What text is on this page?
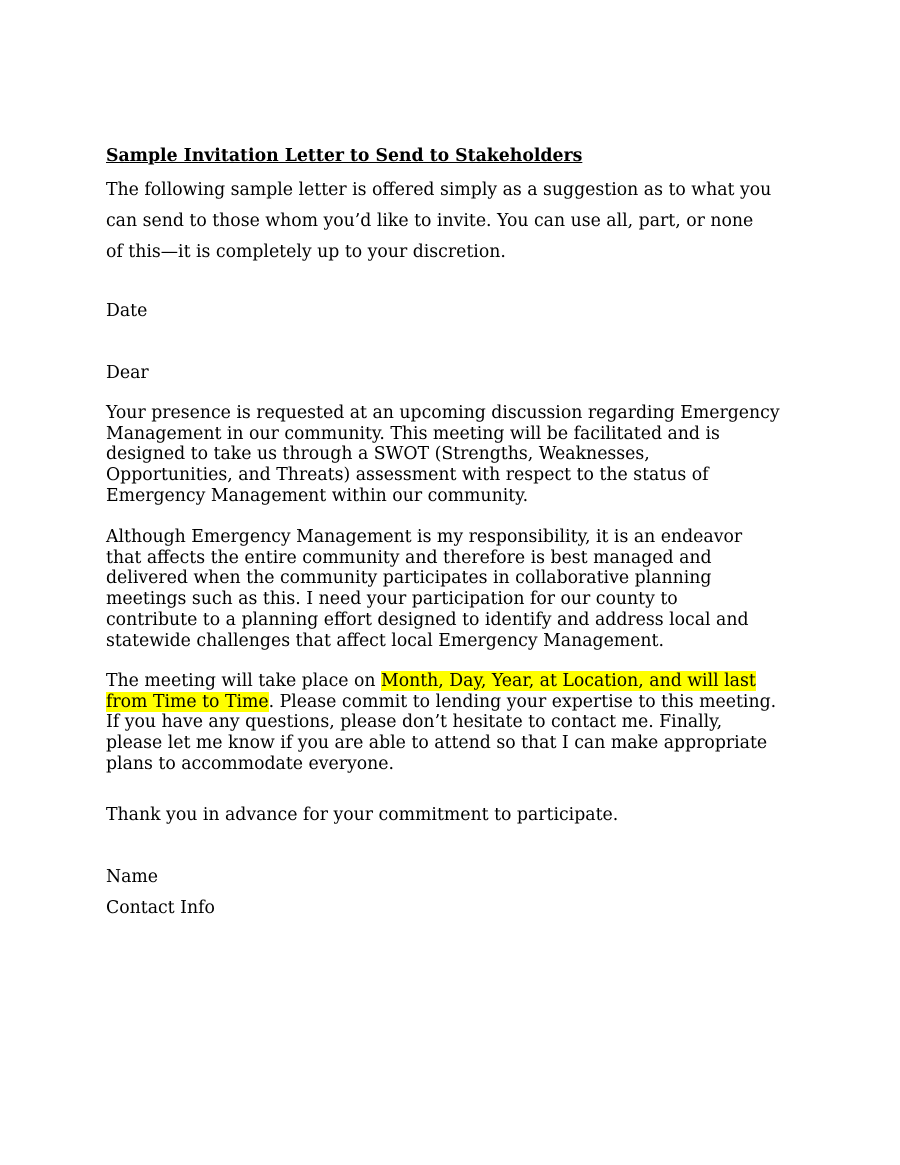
Sample Invitation Letter to Send to Stakeholders
The following sample letter is offered simply as a suggestion as to what you
can send to those whom you’d like to invite. You can use all, part, or none
of this—it is completely up to your discretion.
Date
Dear
Your presence is requested at an upcoming discussion regarding Emergency
Management in our community. This meeting will be facilitated and is
designed to take us through a SWOT (Strengths, Weaknesses,
Opportunities, and Threats) assessment with respect to the status of
Emergency Management within our community.
Although Emergency Management is my responsibility, it is an endeavor
that affects the entire community and therefore is best managed and
delivered when the community participates in collaborative planning
meetings such as this. I need your participation for our county to
contribute to a planning effort designed to identify and address local and
statewide challenges that affect local Emergency Management.
The meeting will take place on Month, Day, Year, at Location, and will last
from Time to Time. Please commit to lending your expertise to this meeting.
If you have any questions, please don’t hesitate to contact me. Finally,
please let me know if you are able to attend so that I can make appropriate
plans to accommodate everyone.
Thank you in advance for your commitment to participate.
Name
Contact Info
